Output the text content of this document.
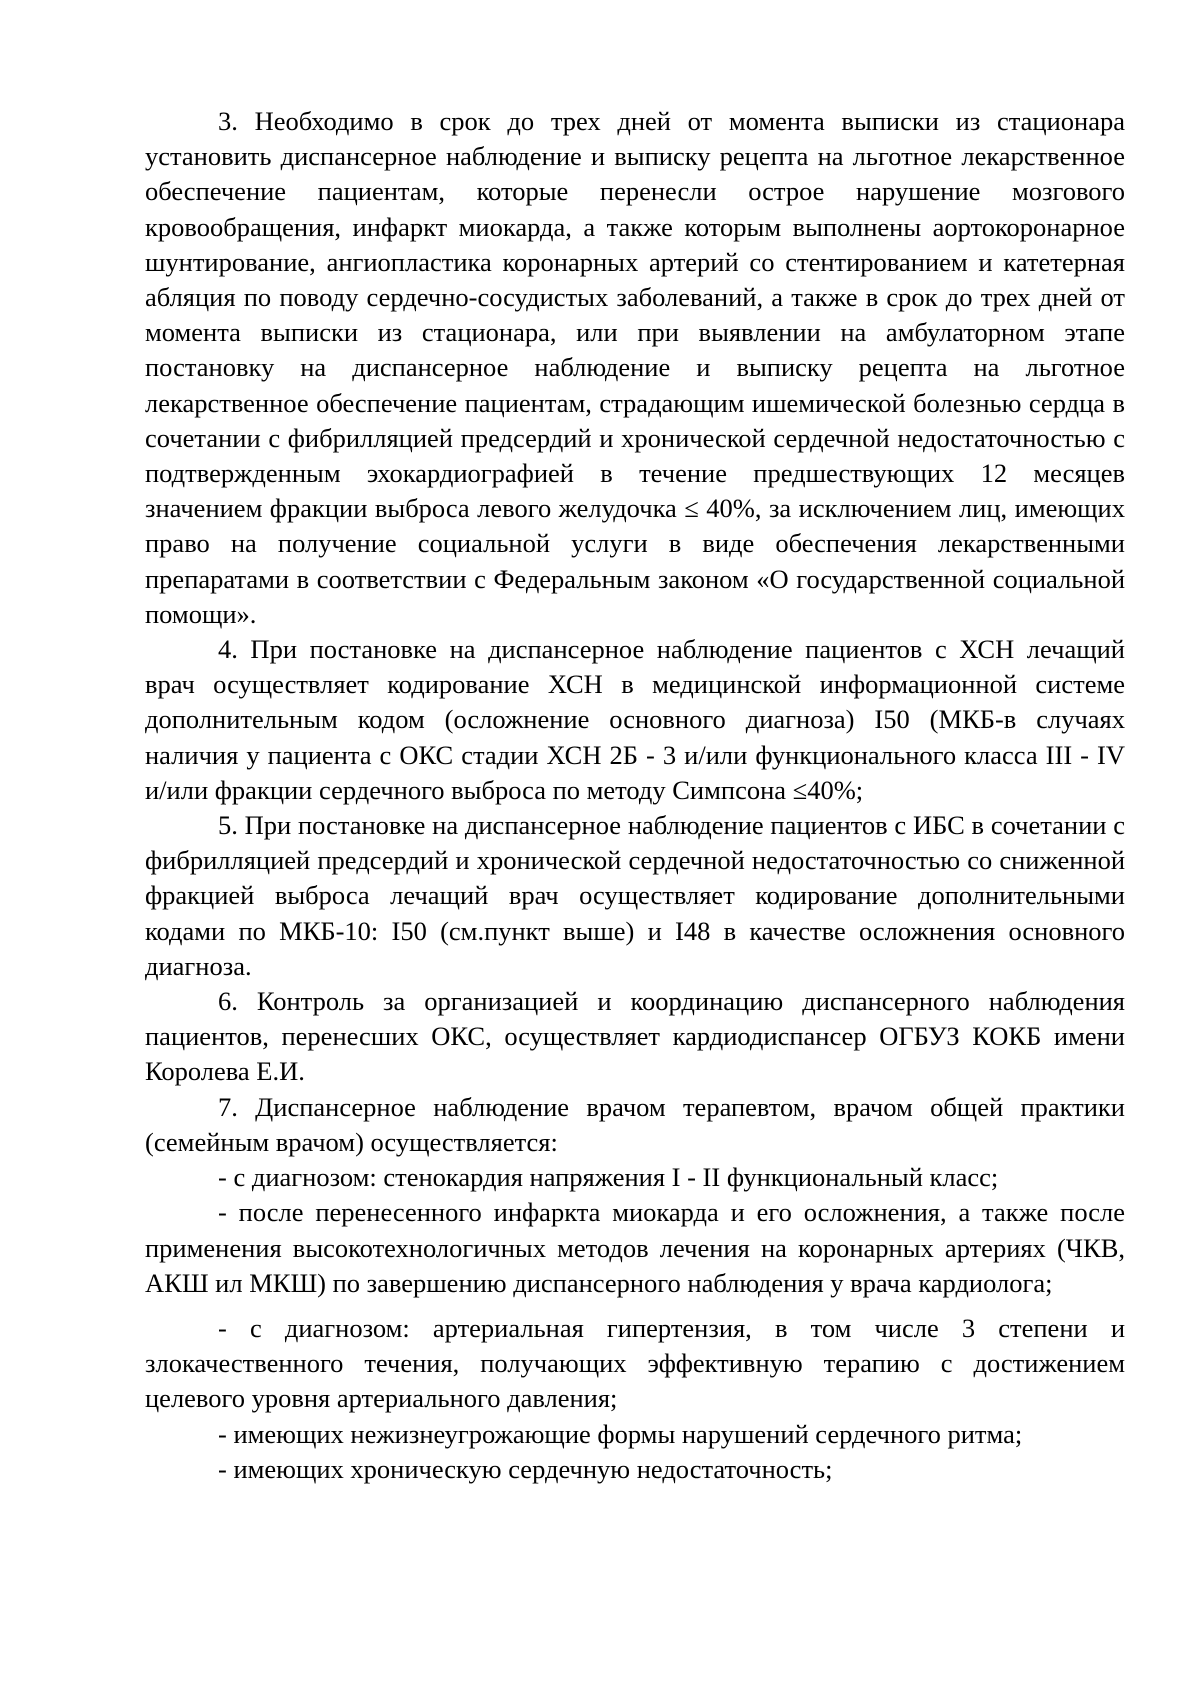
3. Необходимо в срок до трех дней от момента выписки из стационара установить диспансерное наблюдение и выписку рецепта на льготное лекарственное обеспечение пациентам, которые перенесли острое нарушение мозгового кровообращения, инфаркт миокарда, а также которым выполнены аортокоронарное шунтирование, ангиопластика коронарных артерий со стентированием и катетерная абляция по поводу сердечно-сосудистых заболеваний, а также в срок до трех дней от момента выписки из стационара, или при выявлении на амбулаторном этапе постановку на диспансерное наблюдение и выписку рецепта на льготное лекарственное обеспечение пациентам, страдающим ишемической болезнью сердца в сочетании с фибрилляцией предсердий и хронической сердечной недостаточностью с подтвержденным эхокардиографией в течение предшествующих 12 месяцев значением фракции выброса левого желудочка ≤ 40%, за исключением лиц, имеющих право на получение социальной услуги в виде обеспечения лекарственными препаратами в соответствии с Федеральным законом «О государственной социальной помощи».

4. При постановке на диспансерное наблюдение пациентов с ХСН лечащий врач осуществляет кодирование ХСН в медицинской информационной системе дополнительным кодом (осложнение основного диагноза) I50 (МКБ-в случаях наличия у пациента с ОКС стадии ХСН 2Б - 3 и/или функционального класса III - IV и/или фракции сердечного выброса по методу Симпсона ≤40%;

5. При постановке на диспансерное наблюдение пациентов с ИБС в сочетании с фибрилляцией предсердий и хронической сердечной недостаточностью со сниженной фракцией выброса лечащий врач осуществляет кодирование дополнительными кодами по МКБ-10: I50 (см.пункт выше) и I48 в качестве осложнения основного диагноза.

6. Контроль за организацией и координацию диспансерного наблюдения пациентов, перенесших ОКС, осуществляет кардиодиспансер ОГБУЗ КОКБ имени Королева Е.И.

7. Диспансерное наблюдение врачом терапевтом, врачом общей практики (семейным врачом) осуществляется:

- с диагнозом: стенокардия напряжения I - II функциональный класс;

- после перенесенного инфаркта миокарда и его осложнения, а также после применения высокотехнологичных методов лечения на коронарных артериях (ЧКВ, АКШ ил МКШ) по завершению диспансерного наблюдения у врача кардиолога;

- с диагнозом: артериальная гипертензия, в том числе 3 степени и злокачественного течения, получающих эффективную терапию с достижением целевого уровня артериального давления;

- имеющих нежизнеугрожающие формы нарушений сердечного ритма;

- имеющих хроническую сердечную недостаточность;
